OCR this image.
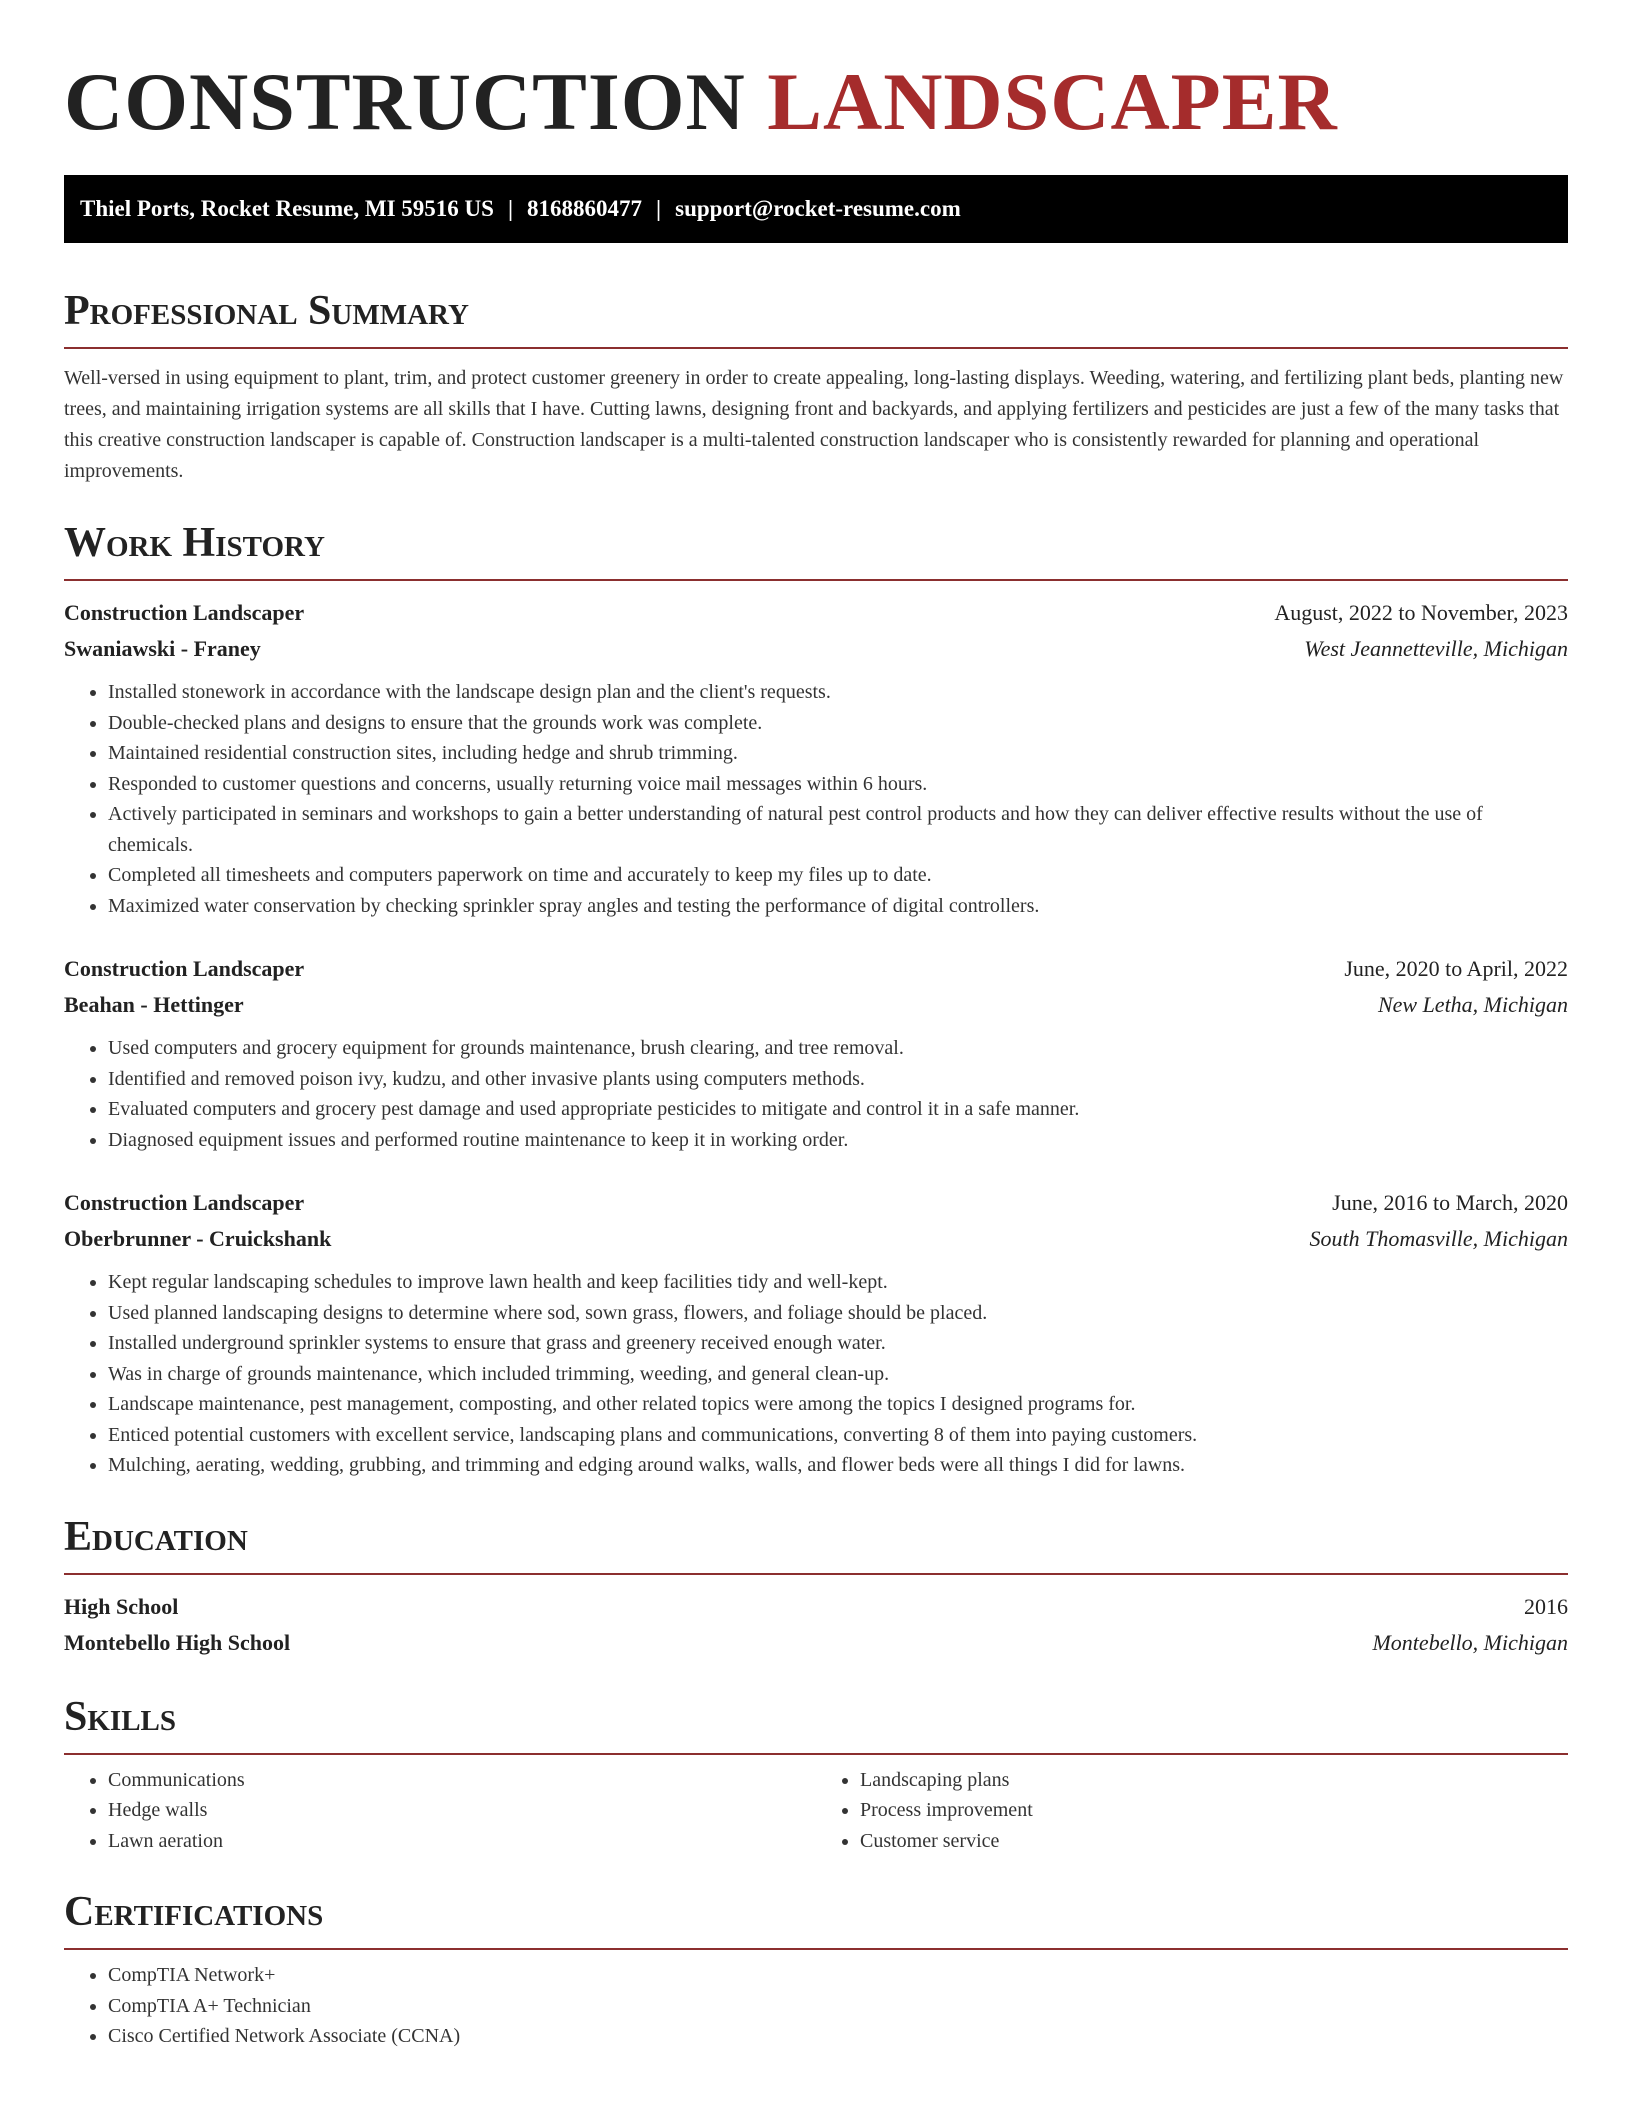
CONSTRUCTION LANDSCAPER
Thiel Ports, Rocket Resume, MI 59516 US | 8168860477 | support@rocket-resume.com
Professional Summary
Well-versed in using equipment to plant, trim, and protect customer greenery in order to create appealing, long-lasting displays. Weeding, watering, and fertilizing plant beds, planting new trees, and maintaining irrigation systems are all skills that I have. Cutting lawns, designing front and backyards, and applying fertilizers and pesticides are just a few of the many tasks that this creative construction landscaper is capable of. Construction landscaper is a multi-talented construction landscaper who is consistently rewarded for planning and operational improvements.
Work History
Construction Landscaper	August, 2022 to November, 2023
Swaniawski - Franey	West Jeannetteville, Michigan
• Installed stonework in accordance with the landscape design plan and the client's requests.
• Double-checked plans and designs to ensure that the grounds work was complete.
• Maintained residential construction sites, including hedge and shrub trimming.
• Responded to customer questions and concerns, usually returning voice mail messages within 6 hours.
• Actively participated in seminars and workshops to gain a better understanding of natural pest control products and how they can deliver effective results without the use of chemicals.
• Completed all timesheets and computers paperwork on time and accurately to keep my files up to date.
• Maximized water conservation by checking sprinkler spray angles and testing the performance of digital controllers.
Construction Landscaper	June, 2020 to April, 2022
Beahan - Hettinger	New Letha, Michigan
• Used computers and grocery equipment for grounds maintenance, brush clearing, and tree removal.
• Identified and removed poison ivy, kudzu, and other invasive plants using computers methods.
• Evaluated computers and grocery pest damage and used appropriate pesticides to mitigate and control it in a safe manner.
• Diagnosed equipment issues and performed routine maintenance to keep it in working order.
Construction Landscaper	June, 2016 to March, 2020
Oberbrunner - Cruickshank	South Thomasville, Michigan
• Kept regular landscaping schedules to improve lawn health and keep facilities tidy and well-kept.
• Used planned landscaping designs to determine where sod, sown grass, flowers, and foliage should be placed.
• Installed underground sprinkler systems to ensure that grass and greenery received enough water.
• Was in charge of grounds maintenance, which included trimming, weeding, and general clean-up.
• Landscape maintenance, pest management, composting, and other related topics were among the topics I designed programs for.
• Enticed potential customers with excellent service, landscaping plans and communications, converting 8 of them into paying customers.
• Mulching, aerating, wedding, grubbing, and trimming and edging around walks, walls, and flower beds were all things I did for lawns.
Education
High School	2016
Montebello High School	Montebello, Michigan
Skills
• Communications
• Hedge walls
• Lawn aeration
• Landscaping plans
• Process improvement
• Customer service
Certifications
• CompTIA Network+
• CompTIA A+ Technician
• Cisco Certified Network Associate (CCNA)
